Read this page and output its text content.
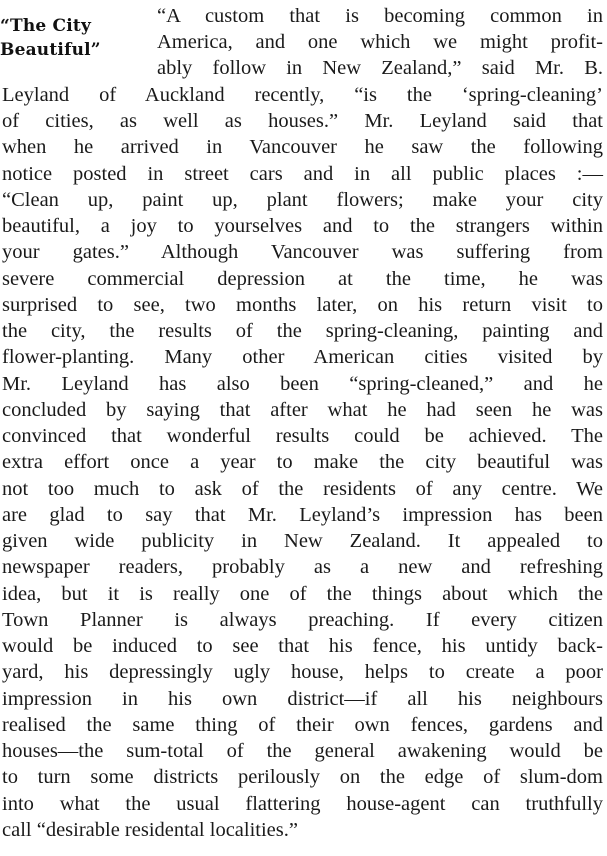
“The City
Beautiful”
“A custom that is becoming common in
America, and one which we might profit-
ably follow in New Zealand,” said Mr. B.
Leyland of Auckland recently, “is the ‘spring-cleaning’
of cities, as well as houses.” Mr. Leyland said that
when he arrived in Vancouver he saw the following
notice posted in street cars and in all public places :—
“Clean up, paint up, plant flowers; make your city
beautiful, a joy to yourselves and to the strangers within
your gates.” Although Vancouver was suffering from
severe commercial depression at the time, he was
surprised to see, two months later, on his return visit to
the city, the results of the spring-cleaning, painting and
flower-planting. Many other American cities visited by
Mr. Leyland has also been “spring-cleaned,” and he
concluded by saying that after what he had seen he was
convinced that wonderful results could be achieved. The
extra effort once a year to make the city beautiful was
not too much to ask of the residents of any centre. We
are glad to say that Mr. Leyland’s impression has been
given wide publicity in New Zealand. It appealed to
newspaper readers, probably as a new and refreshing
idea, but it is really one of the things about which the
Town Planner is always preaching. If every citizen
would be induced to see that his fence, his untidy back-
yard, his depressingly ugly house, helps to create a poor
impression in his own district—if all his neighbours
realised the same thing of their own fences, gardens and
houses—the sum-total of the general awakening would be
to turn some districts perilously on the edge of slum-dom
into what the usual flattering house-agent can truthfully
call “desirable residental localities.”
